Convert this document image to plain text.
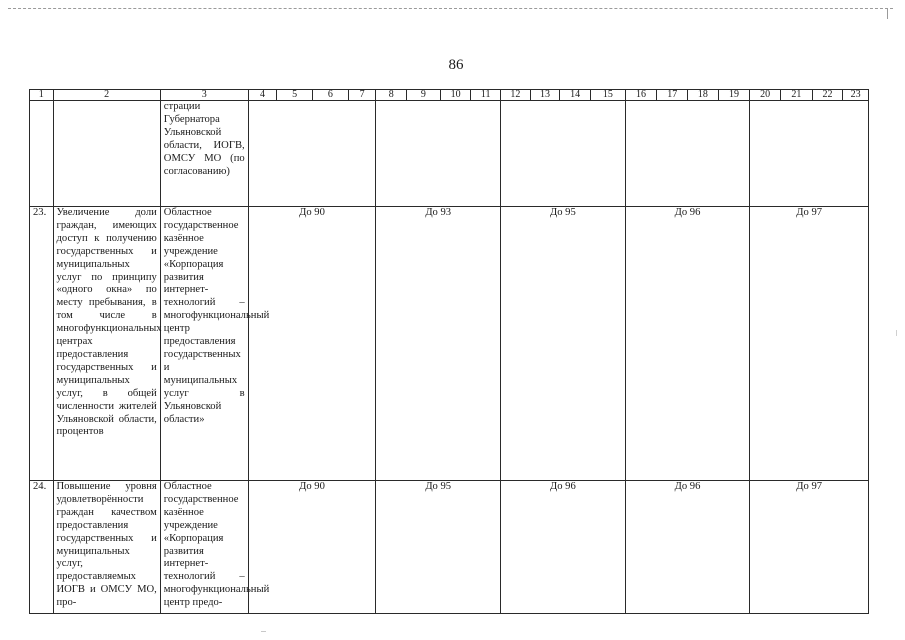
86
1	2	3	4	5	6	7	8	9	10	11	12	13	14	15	16	17	18	19	20	21	22	23
		страции Губернатора Ульяновской области, ИОГВ, ОМСУ МО (по согласованию)																				
23.	Увеличение доли граждан, имеющих доступ к получению государственных и муниципальных услуг по принципу «одного окна» по месту пребывания, в том числе в многофункциональных центрах предоставления государственных и муниципальных услуг, в общей численности жителей Ульяновской области, процентов	Областное государственное казённое учреждение «Корпорация развития интернет-технологий – многофункциональный центр предоставления государственных и муниципальных услуг в Ульяновской области»	До 90				До 93				До 95				До 96				До 97			
24.	Повышение уровня удовлетворённости граждан качеством предоставления государственных и муниципальных услуг, предоставляемых ИОГВ и ОМСУ МО, про-	Областное государственное казённое учреждение «Корпорация развития интернет-технологий – многофункциональный центр предо-	До 90				До 95				До 96				До 96				До 97			
